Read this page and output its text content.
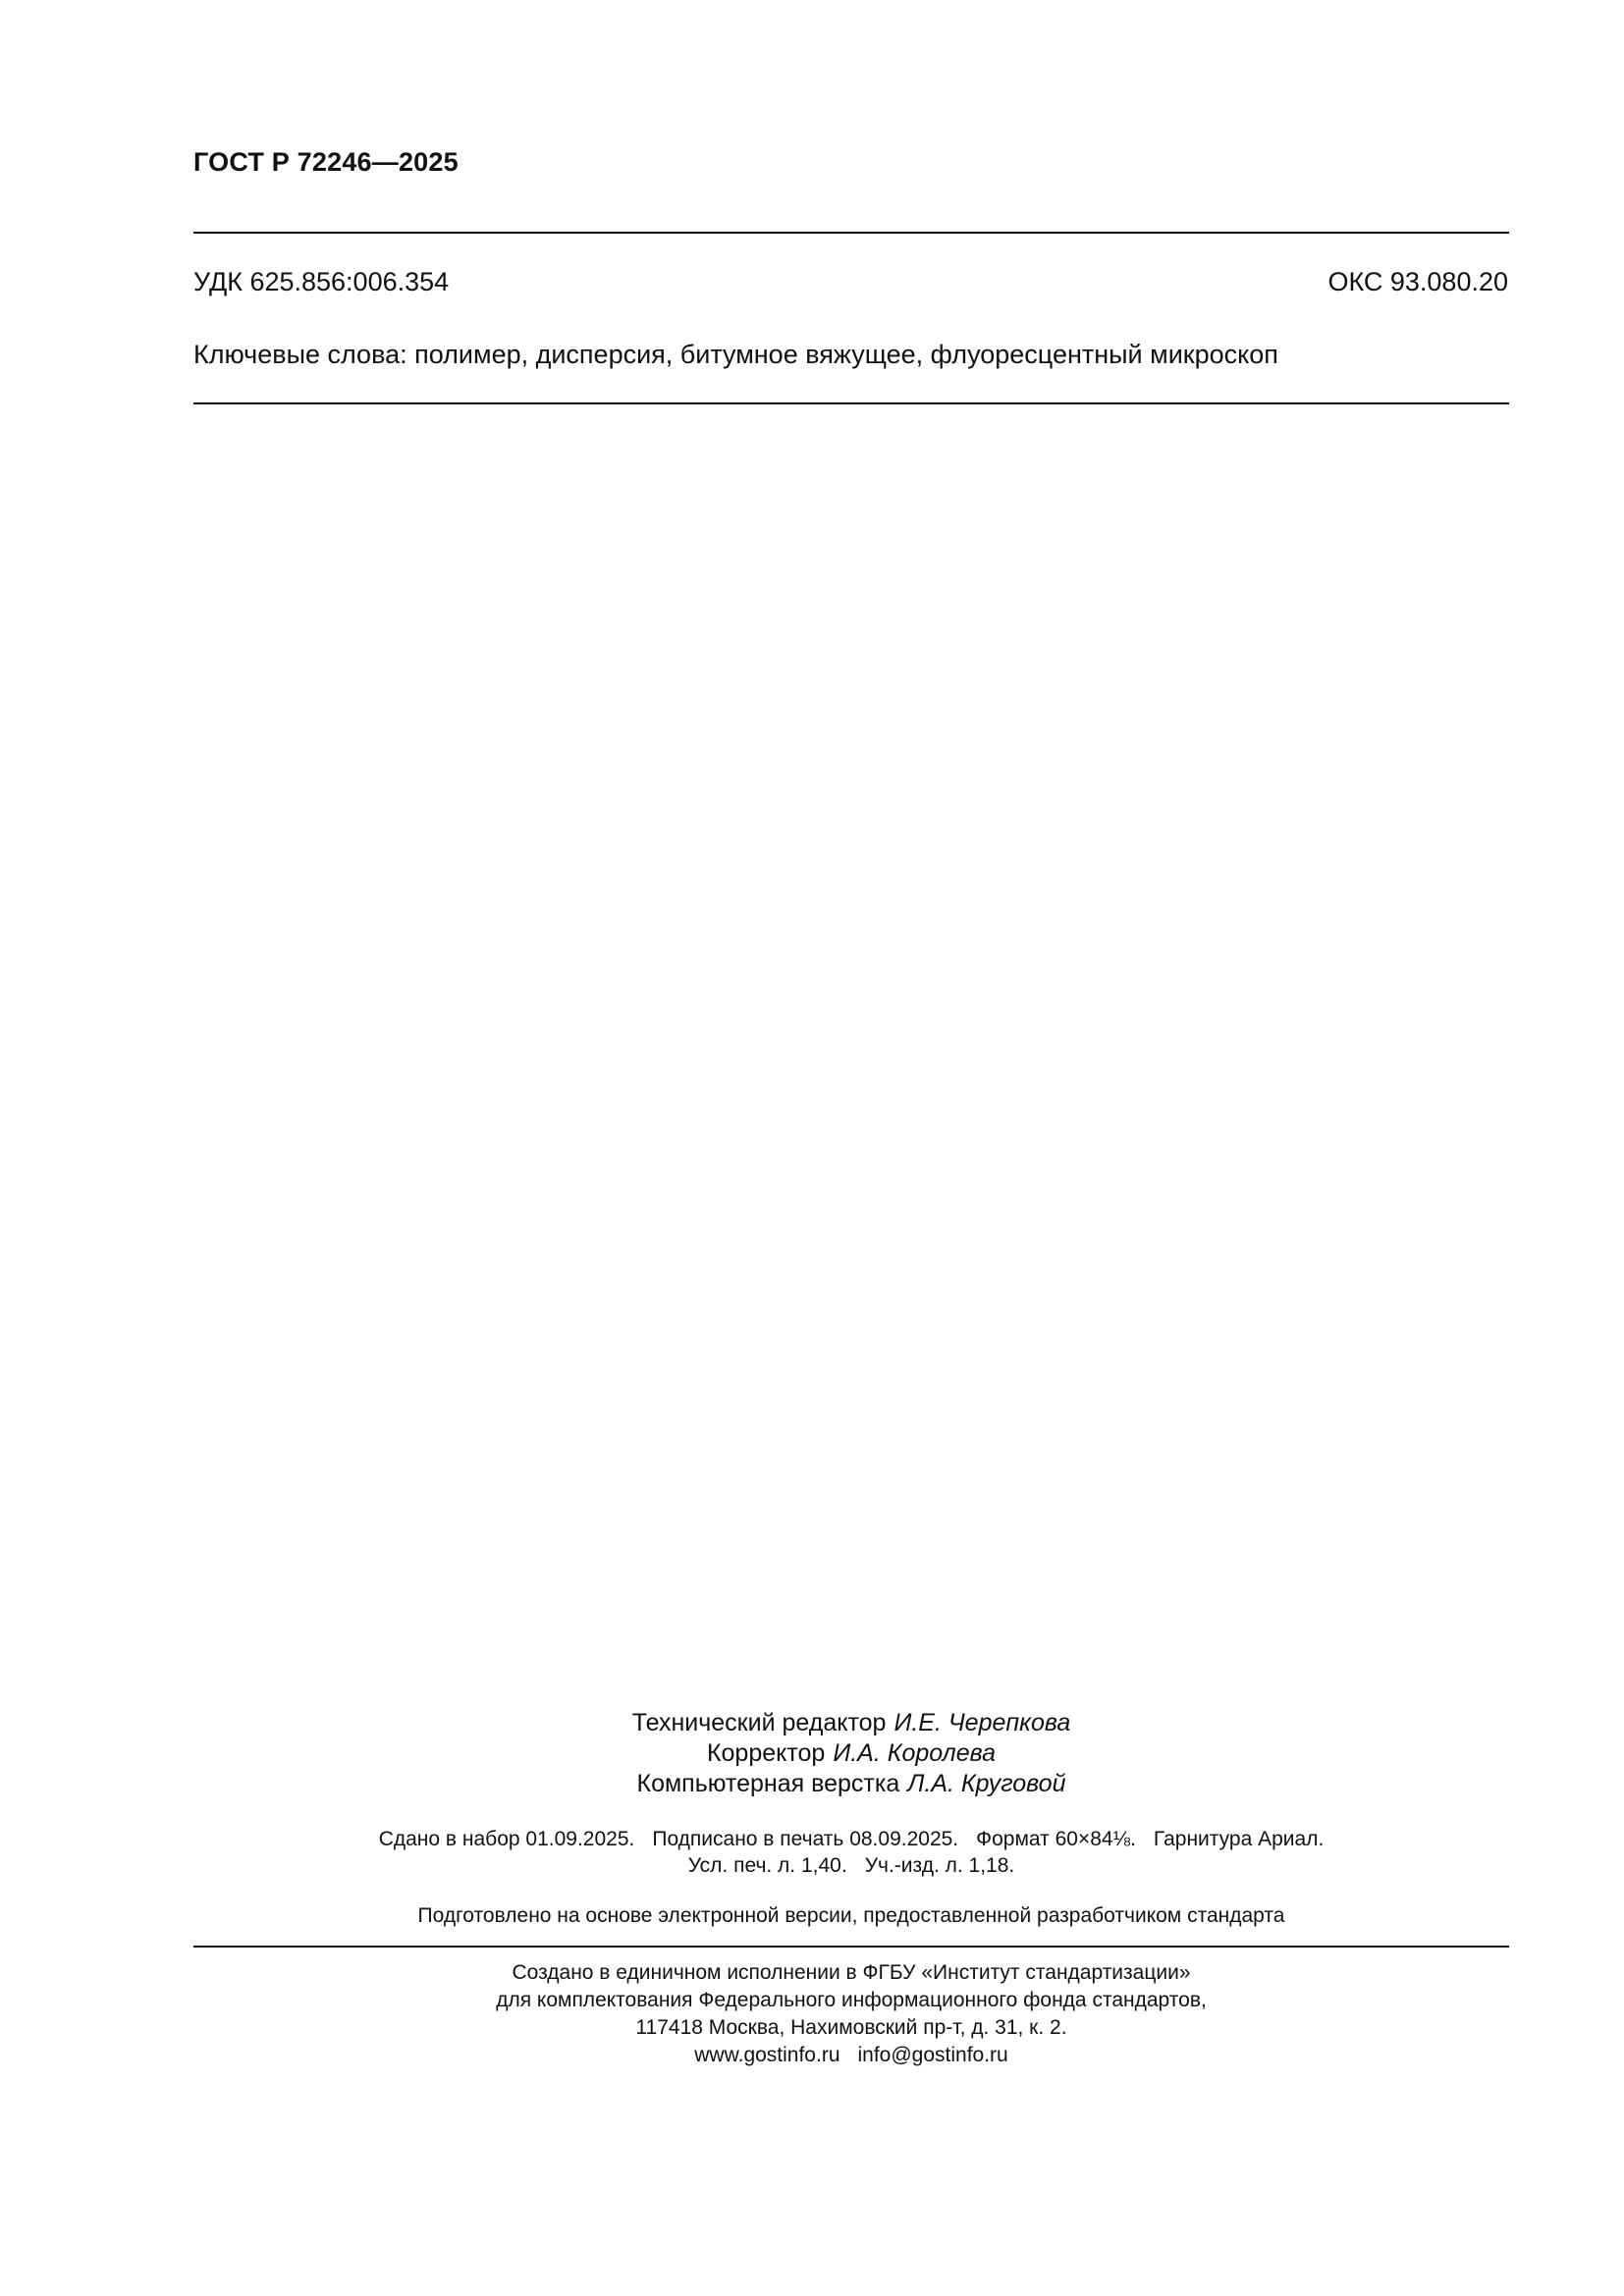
ГОСТ Р 72246—2025
УДК 625.856:006.354	ОКС 93.080.20
Ключевые слова: полимер, дисперсия, битумное вяжущее, флуоресцентный микроскоп
Технический редактор И.Е. Черепкова
Корректор И.А. Королева
Компьютерная верстка Л.А. Круговой
Сдано в набор 01.09.2025. Подписано в печать 08.09.2025. Формат 60×84⅛. Гарнитура Ариал.
Усл. печ. л. 1,40. Уч.-изд. л. 1,18.
Подготовлено на основе электронной версии, предоставленной разработчиком стандарта
Создано в единичном исполнении в ФГБУ «Институт стандартизации»
для комплектования Федерального информационного фонда стандартов,
117418 Москва, Нахимовский пр-т, д. 31, к. 2.
www.gostinfo.ru info@gostinfo.ru
